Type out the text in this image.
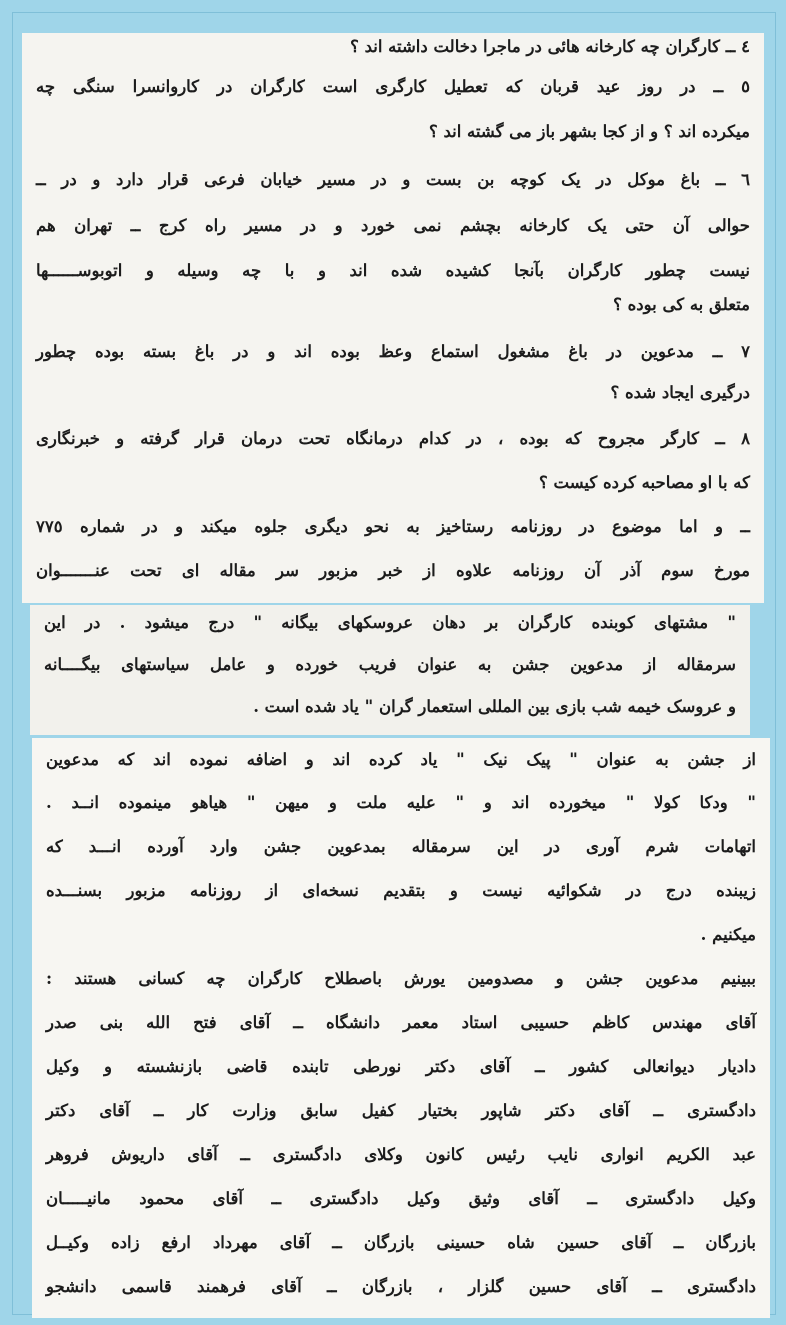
٤ ــ کارگران چه کارخانه هائی در ماجرا دخالت داشته اند ؟
٥ ــ در روز عید قربان که تعطیل کارگری است کارگران در کاروانسرا سنگی چه
میکرده اند ؟ و از کجا بشهر باز می گشته اند ؟
٦ ــ باغ موکل در یک کوچه بن بست و در مسیر خیابان فرعی قرار دارد و در ــ
حوالی آن حتی یک کارخانه بچشم نمی خورد و در مسیر راه کرج ــ تهران هم
نیست چطور کارگران بآنجا کشیده شده اند و با چه وسیله و اتوبوســــــها
متعلق به کی بوده ؟
٧ ــ مدعوین در باغ مشغول استماع وعظ بوده اند و در باغ بسته بوده چطور
درگیری ایجاد شده ؟
٨ ــ کارگر مجروح که بوده ، در کدام درمانگاه تحت درمان قرار گرفته و خبرنگاری
که با او مصاحبه کرده کیست ؟
ــ و اما موضوع در روزنامه رستاخیز به نحو دیگری جلوه میکند و در شماره ٧٧٥
مورخ سوم آذر آن روزنامه علاوه از خبر مزبور سر مقاله ای تحت عنـــــــوان
" مشتهای کوبنده کارگران بر دهان عروسکهای بیگانه " درج میشود . در این
سرمقاله از مدعوین جشن به عنوان فریب خورده و عامل سیاستهای بیگــــانه
و عروسک خیمه شب بازی بین المللی استعمار گران " یاد شده است .
از جشن به عنوان " پیک نیک " یاد کرده اند و اضافه نموده اند که مدعوین
" ودکا کولا " میخورده اند و " علیه ملت و میهن " هیاهو مینموده انــد .
اتهامات شرم آوری در این سرمقاله بمدعوین جشن وارد آورده انـــد که
زیبنده درج در شکوائیه نیست و بتقدیم نسخه‌ای از روزنامه مزبور بسنـــده
میکنیم .
ببینیم مدعوین جشن و مصدومین یورش باصطلاح کارگران چه کسانی هستند :
آقای مهندس کاظم حسیبی استاد معمر دانشگاه ــ آقای فتح الله بنی صدر
دادیار دیوانعالی کشور ــ آقای دکتر نورطی تابنده قاضی بازنشسته و وکیل
دادگستری ــ آقای دکتر شاپور بختیار کفیل سابق وزارت کار ــ آقای دکتر
عبد الکریم انواری نایب رئیس کانون وکلای دادگستری ــ آقای داریوش فروهر
وکیل دادگستری ــ آقای وثیق وکیل دادگستری ــ آقای محمود مانیـــــان
بازرگان ــ آقای حسین شاه حسینی بازرگان ــ آقای مهرداد ارفع زاده وکیــل
دادگستری ــ آقای حسین گلزار ، بازرگان ــ آقای فرهمند قاسمی دانشجو
